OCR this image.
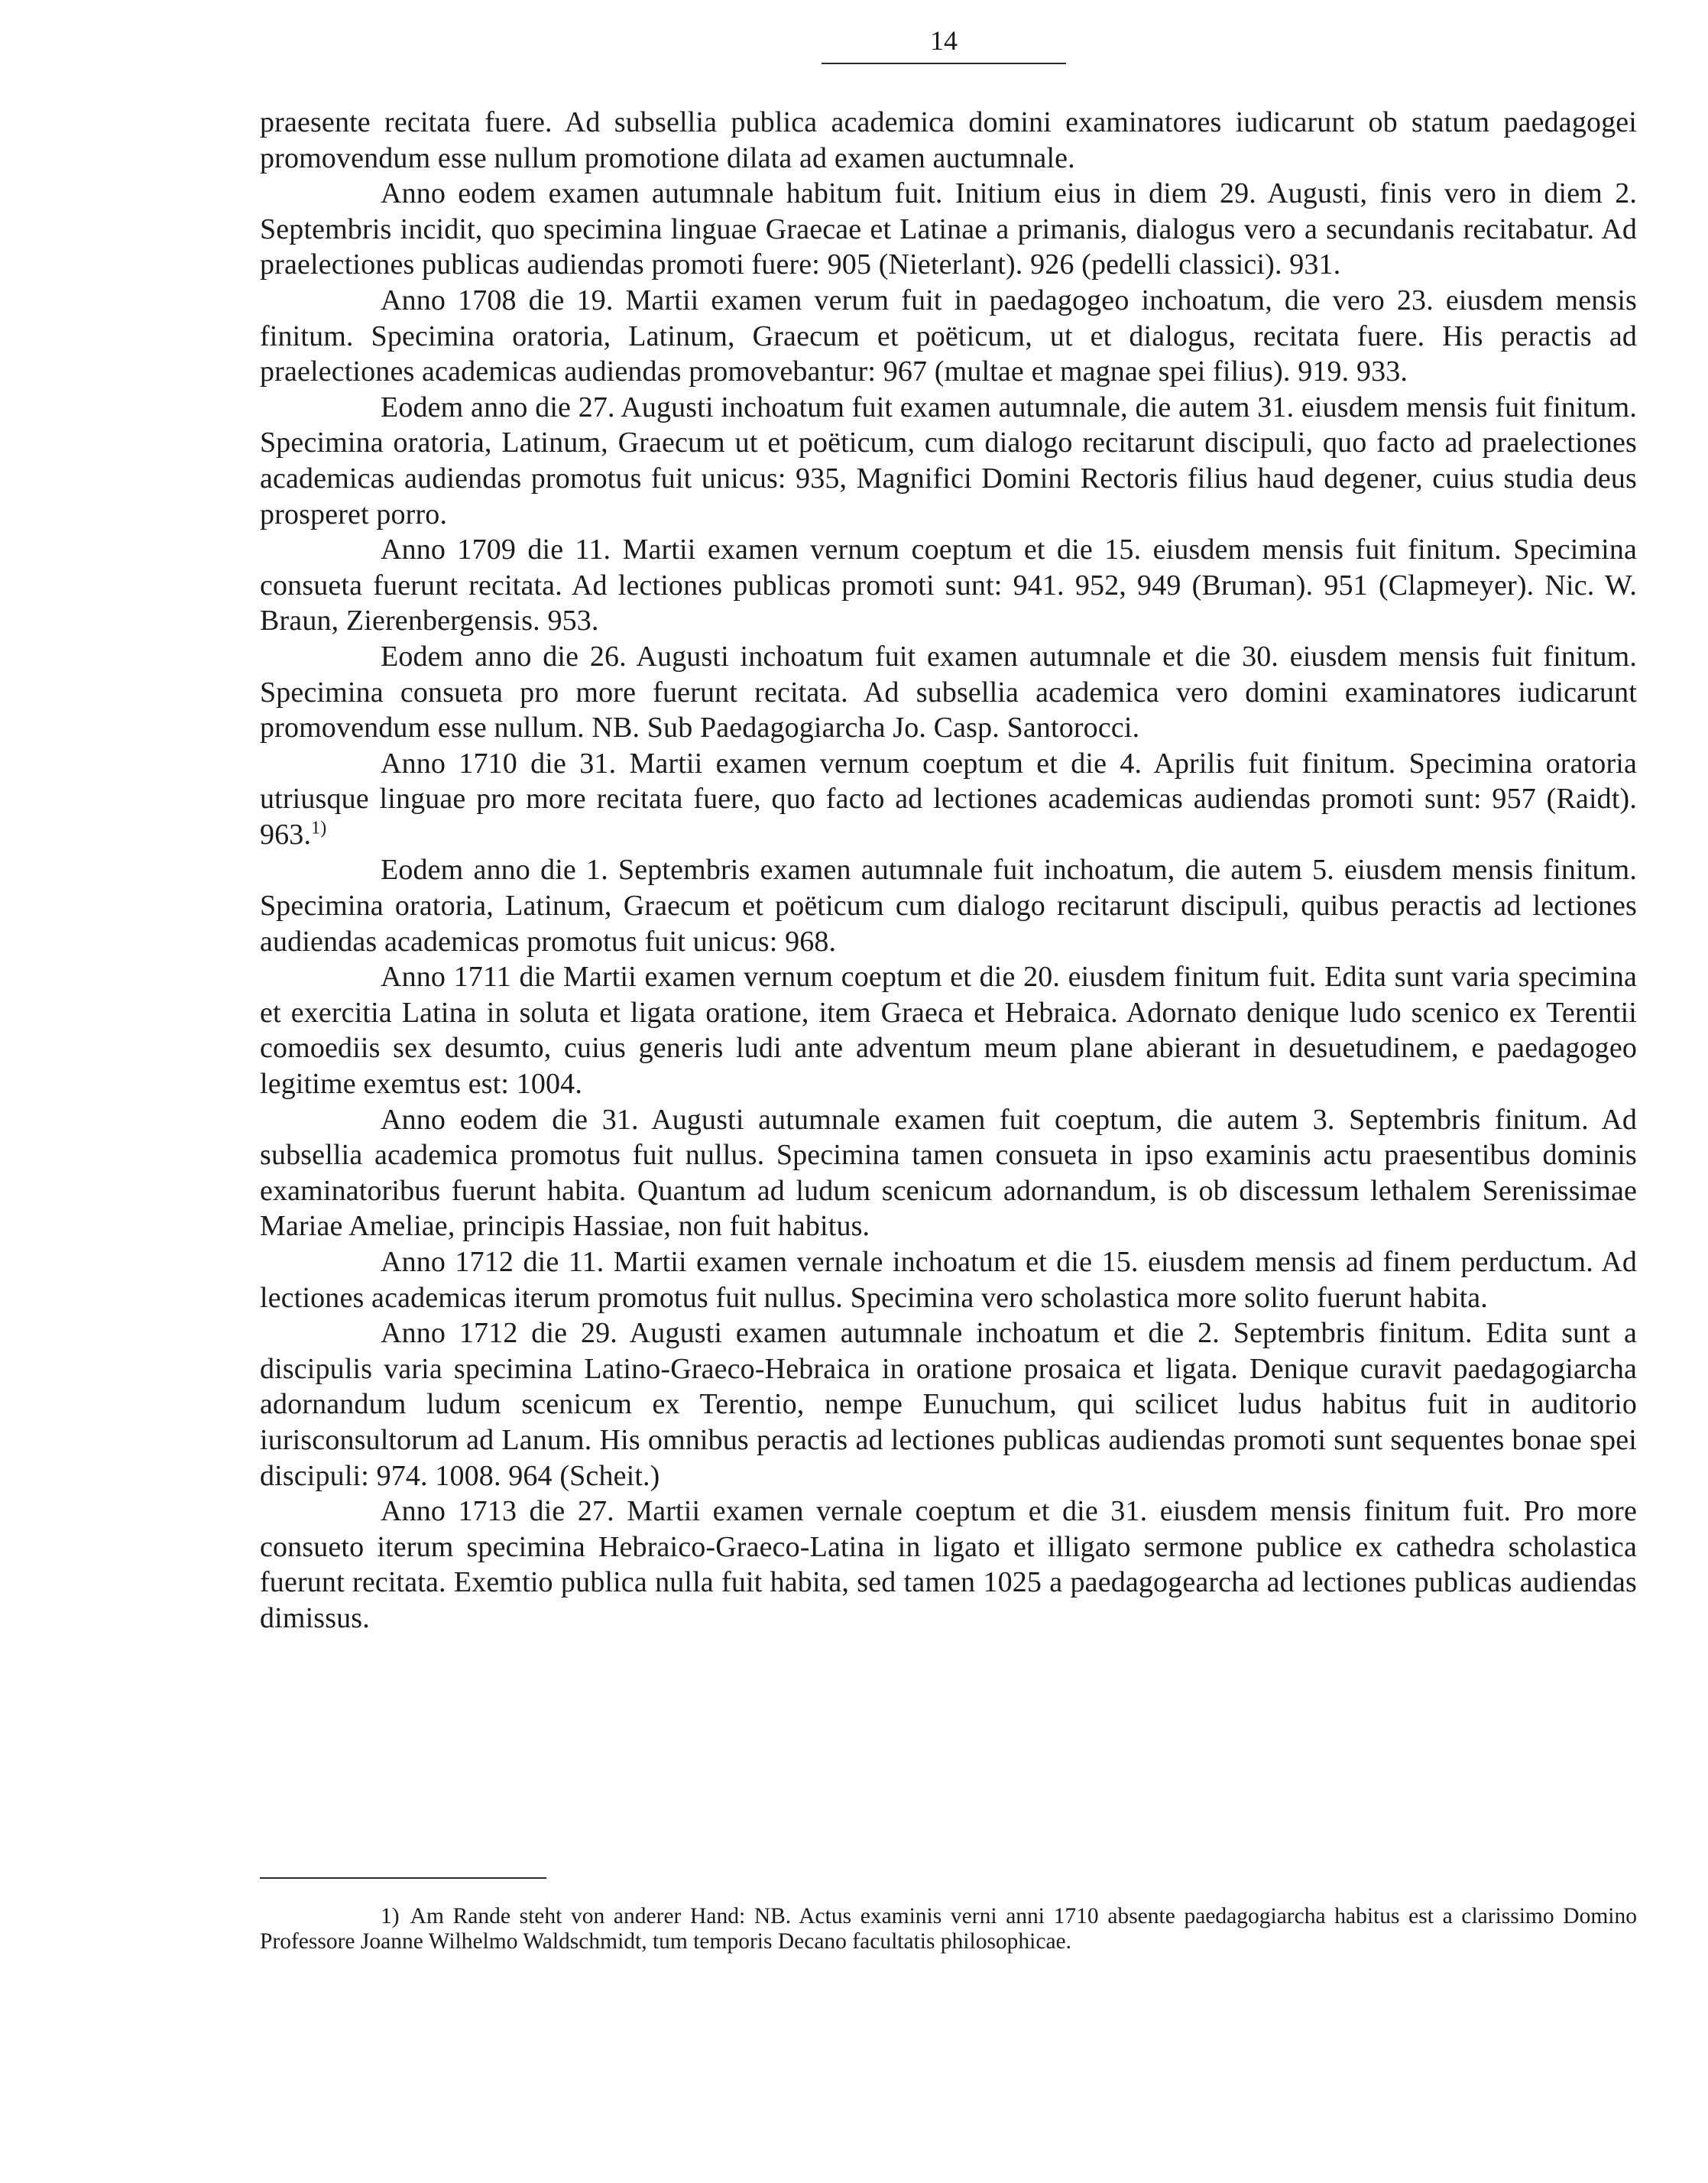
14

praesente recitata fuere. Ad subsellia publica academica domini examinatores iudicarunt ob statum paedagogei promovendum esse nullum promotione dilata ad examen auctumnale.

Anno eodem examen autumnale habitum fuit. Initium eius in diem 29. Augusti, finis vero in diem 2. Septembris incidit, quo specimina linguae Graecae et Latinae a primanis, dialogus vero a secundanis recitabatur. Ad praelectiones publicas audiendas promoti fuere: 905 (Nieterlant). 926 (pedelli classici). 931.

Anno 1708 die 19. Martii examen verum fuit in paedagogeo inchoatum, die vero 23. eiusdem mensis finitum. Specimina oratoria, Latinum, Graecum et poëticum, ut et dialogus, recitata fuere. His peractis ad praelectiones academicas audiendas promovebantur: 967 (multae et magnae spei filius). 919. 933.

Eodem anno die 27. Augusti inchoatum fuit examen autumnale, die autem 31. eiusdem mensis fuit finitum. Specimina oratoria, Latinum, Graecum ut et poëticum, cum dialogo recitarunt discipuli, quo facto ad praelectiones academicas audiendas promotus fuit unicus: 935, Magnifici Domini Rectoris filius haud degener, cuius studia deus prosperet porro.

Anno 1709 die 11. Martii examen vernum coeptum et die 15. eiusdem mensis fuit finitum. Specimina consueta fuerunt recitata. Ad lectiones publicas promoti sunt: 941. 952, 949 (Bruman). 951 (Clapmeyer). Nic. W. Braun, Zierenbergensis. 953.

Eodem anno die 26. Augusti inchoatum fuit examen autumnale et die 30. eiusdem mensis fuit finitum. Specimina consueta pro more fuerunt recitata. Ad subsellia academica vero domini examinatores iudicarunt promovendum esse nullum. NB. Sub Paedagogiarcha Jo. Casp. Santorocci.

Anno 1710 die 31. Martii examen vernum coeptum et die 4. Aprilis fuit finitum. Specimina oratoria utriusque linguae pro more recitata fuere, quo facto ad lectiones academicas audiendas promoti sunt: 957 (Raidt). 963.$^{1)}$

Eodem anno die 1. Septembris examen autumnale fuit inchoatum, die autem 5. eiusdem mensis finitum. Specimina oratoria, Latinum, Graecum et poëticum cum dialogo recitarunt discipuli, quibus peractis ad lectiones audiendas academicas promotus fuit unicus: 968.

Anno 1711 die Martii examen vernum coeptum et die 20. eiusdem finitum fuit. Edita sunt varia specimina et exercitia Latina in soluta et ligata oratione, item Graeca et Hebraica. Adornato denique ludo scenico ex Terentii comoediis sex desumto, cuius generis ludi ante adventum meum plane abierant in desuetudinem, e paedagogeo legitime exemtus est: 1004.

Anno eodem die 31. Augusti autumnale examen fuit coeptum, die autem 3. Septembris finitum. Ad subsellia academica promotus fuit nullus. Specimina tamen consueta in ipso examinis actu praesentibus dominis examinatoribus fuerunt habita. Quantum ad ludum scenicum adornandum, is ob discessum lethalem Serenissimae Mariae Ameliae, principis Hassiae, non fuit habitus.

Anno 1712 die 11. Martii examen vernale inchoatum et die 15. eiusdem mensis ad finem perductum. Ad lectiones academicas iterum promotus fuit nullus. Specimina vero scholastica more solito fuerunt habita.

Anno 1712 die 29. Augusti examen autumnale inchoatum et die 2. Septembris finitum. Edita sunt a discipulis varia specimina Latino-Graeco-Hebraica in oratione prosaica et ligata. Denique curavit paedagogiarcha adornandum ludum scenicum ex Terentio, nempe Eunuchum, qui scilicet ludus habitus fuit in auditorio iurisconsultorum ad Lanum. His omnibus peractis ad lectiones publicas audiendas promoti sunt sequentes bonae spei discipuli: 974. 1008. 964 (Scheit.)

Anno 1713 die 27. Martii examen vernale coeptum et die 31. eiusdem mensis finitum fuit. Pro more consueto iterum specimina Hebraico-Graeco-Latina in ligato et illigato sermone publice ex cathedra scholastica fuerunt recitata. Exemtio publica nulla fuit habita, sed tamen 1025 a paedagogearcha ad lectiones publicas audiendas dimissus.

1) Am Rande steht von anderer Hand: NB. Actus examinis verni anni 1710 absente paedagogiarcha habitus est a clarissimo Domino Professore Joanne Wilhelmo Waldschmidt, tum temporis Decano facultatis philosophicae.
